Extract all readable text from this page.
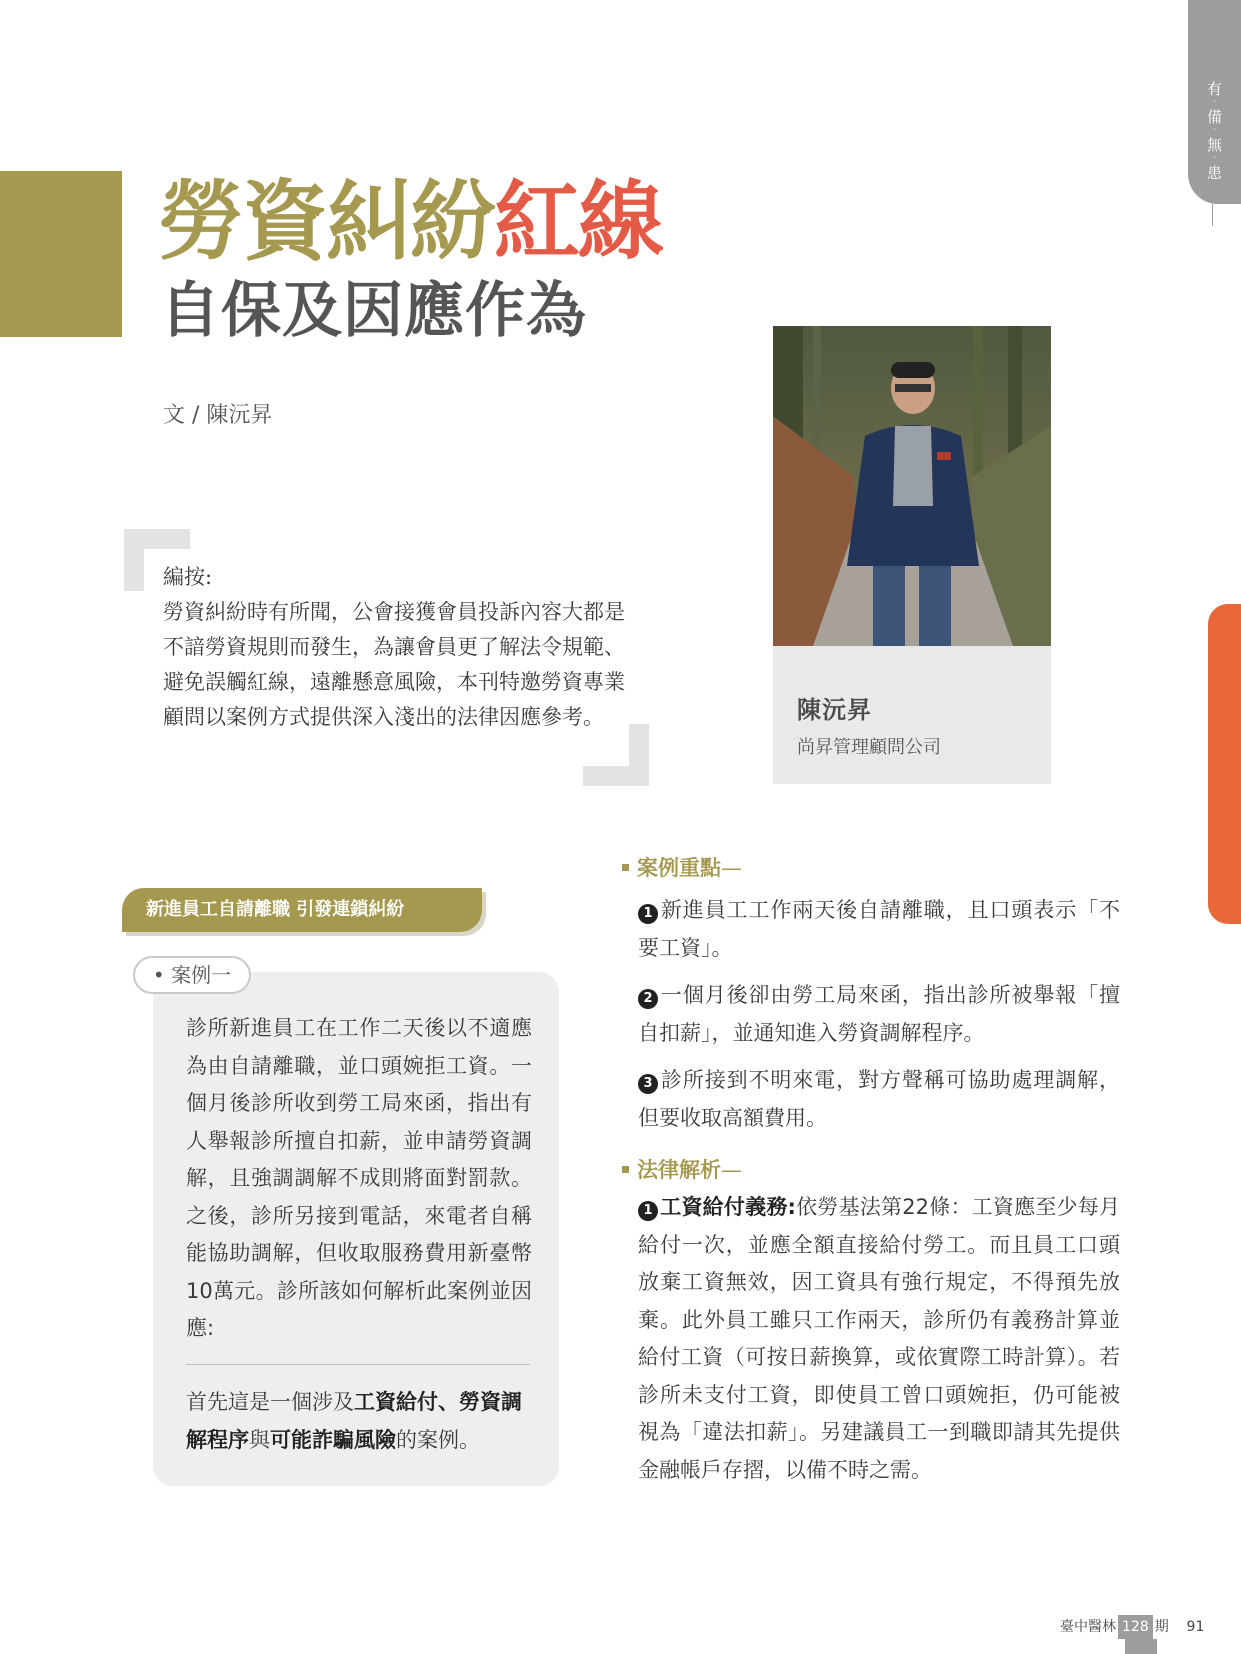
有
·
備
·
無
·
患
勞資糾紛紅線
自保及因應作為
文 / 陳沅昇
編按:
勞資糾紛時有所聞，公會接獲會員投訴內容大都是不諳勞資規則而發生，為讓會員更了解法令規範、避免誤觸紅線，遠離懸意風險，本刊特邀勞資專業顧問以案例方式提供深入淺出的法律因應參考。	陳沅昇
尚昇管理顧問公司
新進員工自請離職 引發連鎖糾紛
• 案例一
診所新進員工在工作二天後以不適應為由自請離職，並口頭婉拒工資。一個月後診所收到勞工局來函，指出有人舉報診所擅自扣薪，並申請勞資調解，且強調調解不成則將面對罰款。之後，診所另接到電話，來電者自稱能協助調解，但收取服務費用新臺幣10萬元。診所該如何解析此案例並因應:
首先這是一個涉及工資給付、勞資調解程序與可能詐騙風險的案例。
案例重點—
1 新進員工工作兩天後自請離職，且口頭表示「不要工資」。
2 一個月後卻由勞工局來函，指出診所被舉報「擅自扣薪」，並通知進入勞資調解程序。
3 診所接到不明來電，對方聲稱可協助處理調解，但要收取高額費用。
法律解析—
1 工資給付義務:依勞基法第22條：工資應至少每月給付一次，並應全額直接給付勞工。而且員工口頭放棄工資無效，因工資具有強行規定，不得預先放棄。此外員工雖只工作兩天，診所仍有義務計算並給付工資（可按日薪換算，或依實際工時計算）。若診所未支付工資，即使員工曾口頭婉拒，仍可能被視為「違法扣薪」。另建議員工一到職即請其先提供金融帳戶存摺，以備不時之需。
臺中醫林 128 期 91
